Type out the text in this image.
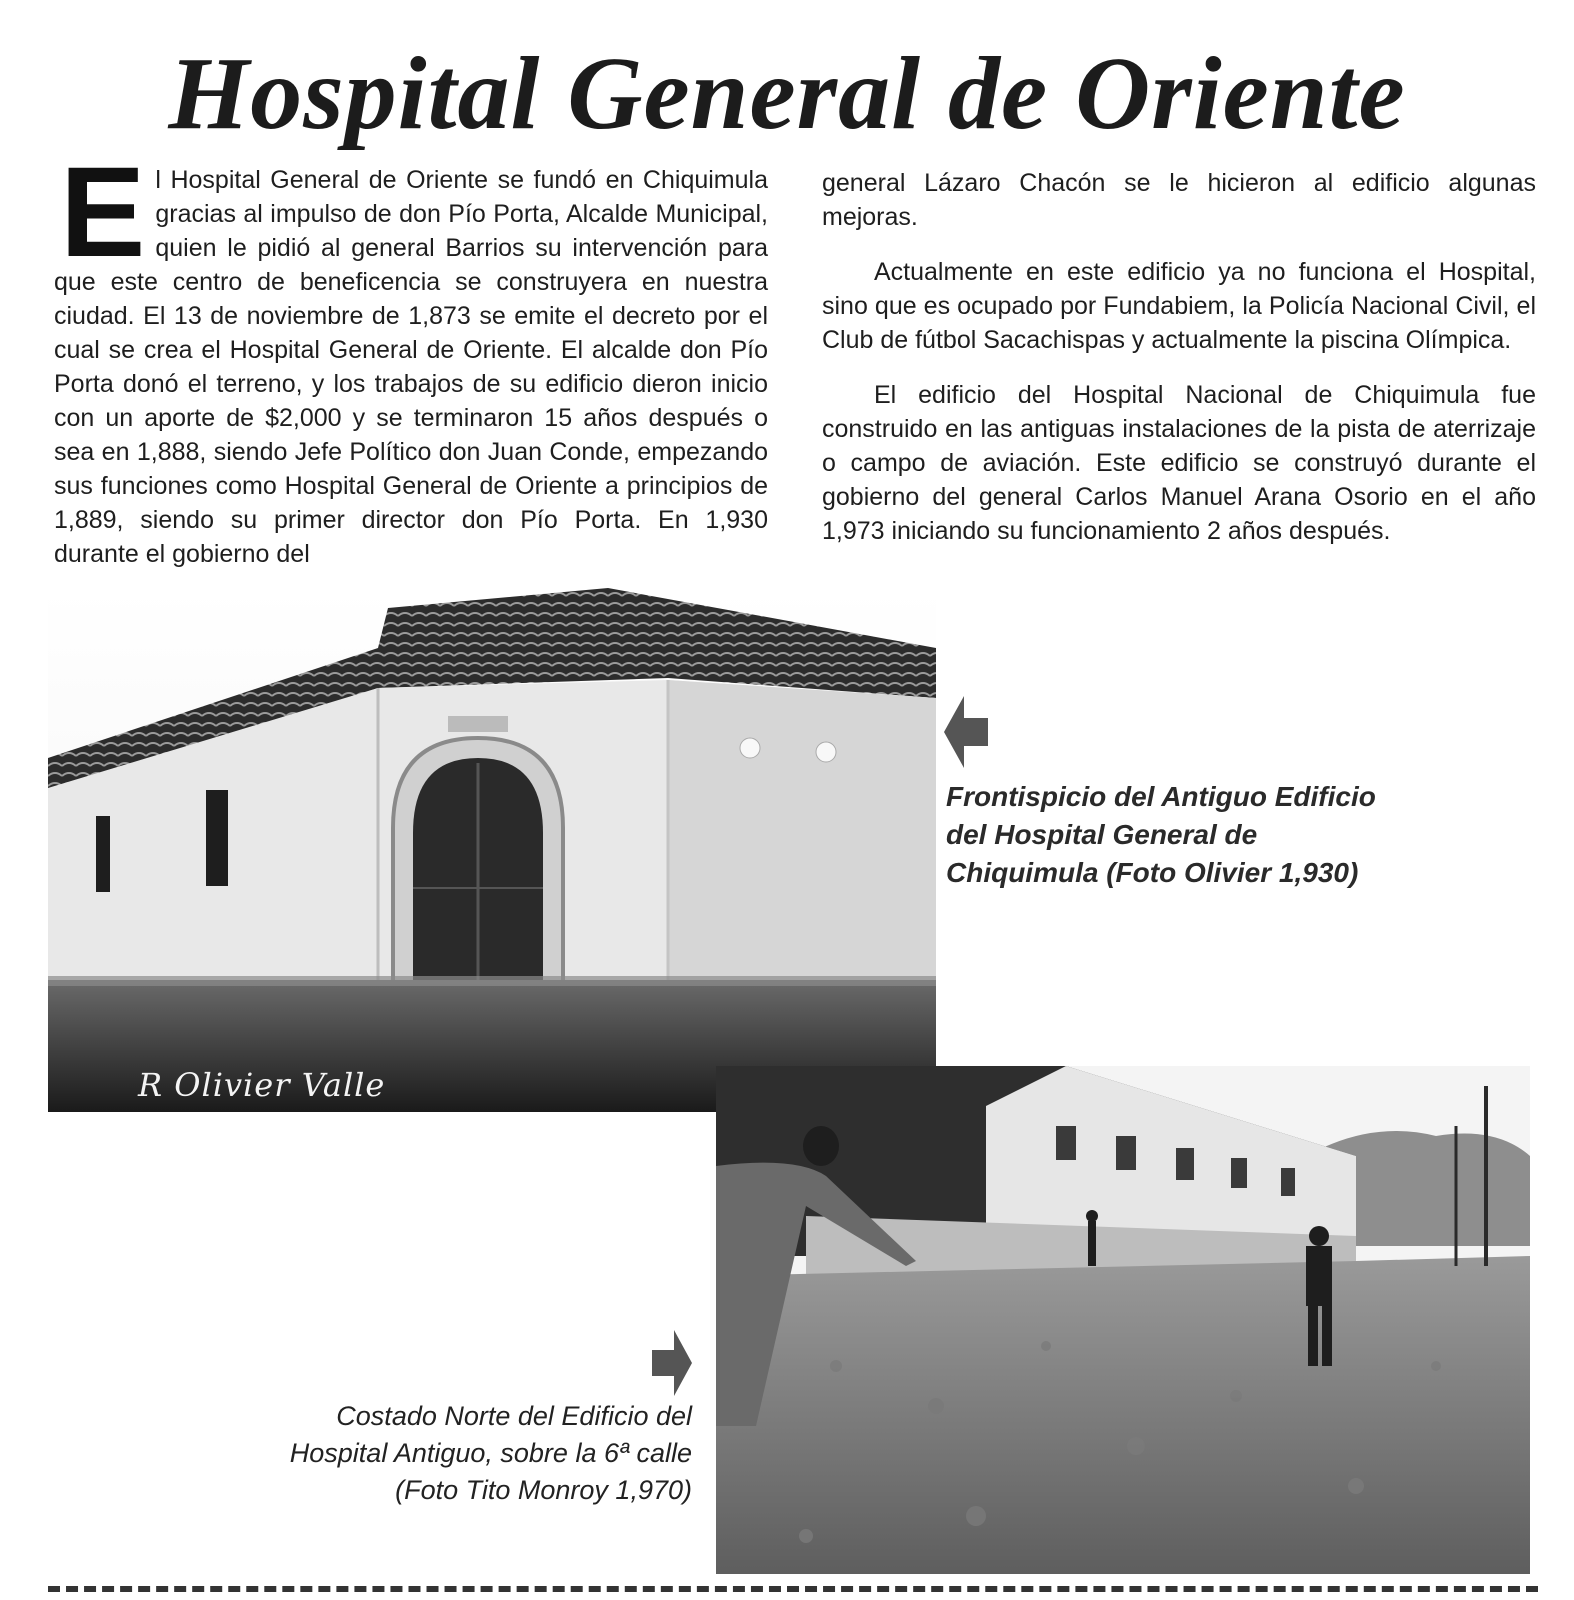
Hospital General de Oriente
E l Hospital General de Oriente se fundó en Chiquimula gracias al impulso de don Pío Porta, Alcalde Municipal, quien le pidió al general Barrios su intervención para que este centro de beneficencia se construyera en nuestra ciudad. El 13 de noviembre de 1,873 se emite el decreto por el cual se crea el Hospital General de Oriente. El alcalde don Pío Porta donó el terreno, y los trabajos de su edificio dieron inicio con un aporte de $2,000 y se terminaron 15 años después o sea en 1,888, siendo Jefe Político don Juan Conde, empezando sus funciones como Hospital General de Oriente a principios de 1,889, siendo su primer director don Pío Porta. En 1,930 durante el gobierno del

general Lázaro Chacón se le hicieron al edificio algunas mejoras.

Actualmente en este edificio ya no funciona el Hospital, sino que es ocupado por Fundabiem, la Policía Nacional Civil, el Club de fútbol Sacachispas y actualmente la piscina Olímpica.

El edificio del Hospital Nacional de Chiquimula fue construido en las antiguas instalaciones de la pista de aterrizaje o campo de aviación. Este edificio se construyó durante el gobierno del general Carlos Manuel Arana Osorio en el año 1,973 iniciando su funcionamiento 2 años después.

R Olivier Valle
Frontispicio del Antiguo Edificio del Hospital General de Chiquimula (Foto Olivier 1,930)
Costado Norte del Edificio del Hospital Antiguo, sobre la 6ª calle (Foto Tito Monroy 1,970)
